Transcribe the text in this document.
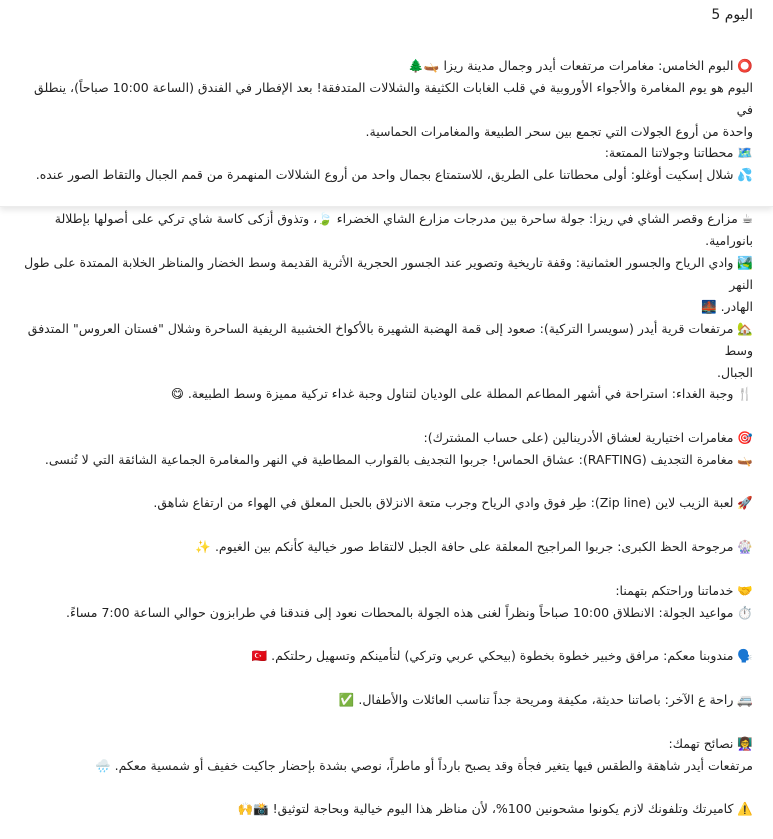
اليوم 5

⭕البوم الخامس: مغامرات مرتفعات أيدر وجمال مدينة ريزا 🛶🌲

اليوم هو يوم المغامرة والأجواء الأوروبية في قلب الغابات الكثيفة والشلالات المتدفقة! بعد الإفطار في الفندق (الساعة 10:00 صباحاً)، ينطلق في

واحدة من أروع الجولات التي تجمع بين سحر الطبيعة والمغامرات الحماسية.

🗺️محطاتنا وجولاتنا الممتعة:

💦شلال إسكيت أوغلو: أولى محطاتنا على الطريق، للاستمتاع بجمال واحد من أروع الشلالات المنهمرة من قمم الجبال والتقاط الصور عنده.

☕مزارع وقصر الشاي في ريزا: جولة ساحرة بين مدرجات مزارع الشاي الخضراء 🍃، وتذوق أزكى كاسة شاي تركي على أصولها بإطلالة بانورامية.

🏞️وادي الرياح والجسور العثمانية: وقفة تاريخية وتصوير عند الجسور الحجرية الأثرية القديمة وسط الخضار والمناظر الخلابة الممتدة على طول النهر

الهادر. 🌉

🏡مرتفعات قرية أيدر (سويسرا التركية): صعود إلى قمة الهضبة الشهيرة بالأكواخ الخشبية الريفية الساحرة وشلال "فستان العروس" المتدفق وسط

الجبال.

🍴وجبة الغداء: استراحة في أشهر المطاعم المطلة على الوديان لتناول وجبة غداء تركية مميزة وسط الطبيعة. 😋

🎯مغامرات اختيارية لعشاق الأدرينالين (على حساب المشترك):

🛶مغامرة التجديف (RAFTING): عشاق الحماس! جربوا التجديف بالقوارب المطاطية في النهر والمغامرة الجماعية الشائقة التي لا تُنسى.

🚀لعبة الزيب لاين (Zip line): طِر فوق وادي الرياح وجرب متعة الانزلاق بالحبل المعلق في الهواء من ارتفاع شاهق.

🎡مرجوحة الحظ الكبرى: جربوا المراجيح المعلقة على حافة الجبل لالتقاط صور خيالية كأنكم بين الغيوم. ✨

🤝خدماتنا وراحتكم بتهمنا:

⏱️مواعيد الجولة: الانطلاق 10:00 صباحاً ونظراً لغنى هذه الجولة بالمحطات نعود إلى فندقنا في طرابزون حوالي الساعة 7:00 مساءً.

🗣️مندوبنا معكم: مرافق وخبير خطوة بخطوة (بيحكي عربي وتركي) لتأمينكم وتسهيل رحلتكم. 🇹🇷

🚐راحة ع الآخر: باصاتنا حديثة، مكيفة ومريحة جداً تناسب العائلات والأطفال. ✅

👩‍🏫نصائح تهمك:

مرتفعات أيدر شاهقة والطقس فيها يتغير فجأة وقد يصبح بارداً أو ماطراً، نوصي بشدة بإحضار جاكيت خفيف أو شمسية معكم. 🌧️

⚠️كاميرتك وتلفونك لازم يكونوا مشحونين 100%، لأن مناظر هذا اليوم خيالية وبحاجة لتوثيق! 📸🙌
